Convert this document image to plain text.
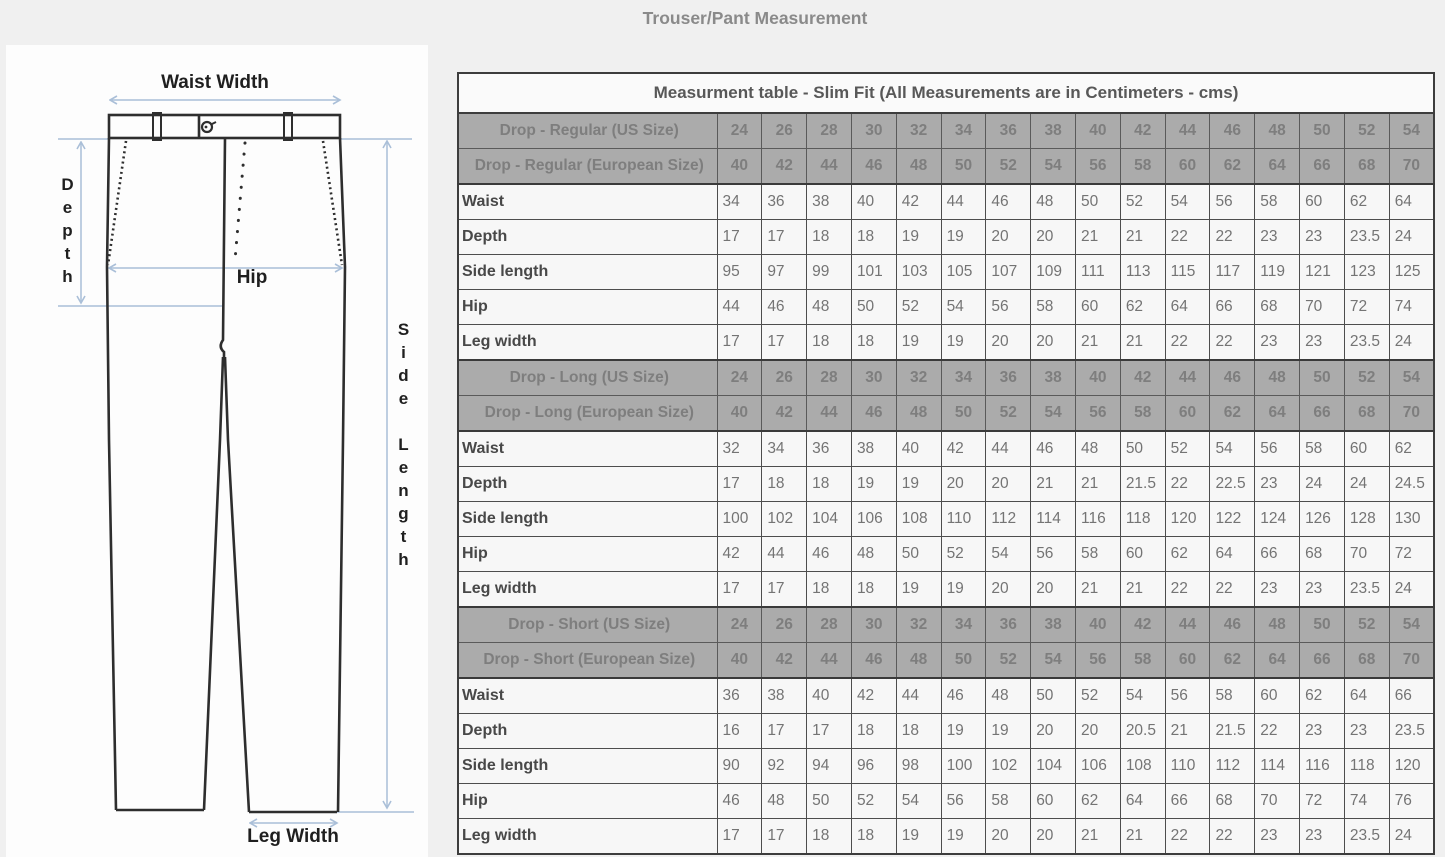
Trouser/Pant Measurement
Waist Width
Hip
Leg Width
Depth
Side Length
Measurment table - Slim Fit (All Measurements are in Centimeters - cms)																
Drop - Regular (US Size)	24	26	28	30	32	34	36	38	40	42	44	46	48	50	52	54
Drop - Regular (European Size)	40	42	44	46	48	50	52	54	56	58	60	62	64	66	68	70
Waist	34	36	38	40	42	44	46	48	50	52	54	56	58	60	62	64
Depth	17	17	18	18	19	19	20	20	21	21	22	22	23	23	23.5	24
Side length	95	97	99	101	103	105	107	109	111	113	115	117	119	121	123	125
Hip	44	46	48	50	52	54	56	58	60	62	64	66	68	70	72	74
Leg width	17	17	18	18	19	19	20	20	21	21	22	22	23	23	23.5	24
Drop - Long (US Size)	24	26	28	30	32	34	36	38	40	42	44	46	48	50	52	54
Drop - Long (European Size)	40	42	44	46	48	50	52	54	56	58	60	62	64	66	68	70
Waist	32	34	36	38	40	42	44	46	48	50	52	54	56	58	60	62
Depth	17	18	18	19	19	20	20	21	21	21.5	22	22.5	23	24	24	24.5
Side length	100	102	104	106	108	110	112	114	116	118	120	122	124	126	128	130
Hip	42	44	46	48	50	52	54	56	58	60	62	64	66	68	70	72
Leg width	17	17	18	18	19	19	20	20	21	21	22	22	23	23	23.5	24
Drop - Short (US Size)	24	26	28	30	32	34	36	38	40	42	44	46	48	50	52	54
Drop - Short (European Size)	40	42	44	46	48	50	52	54	56	58	60	62	64	66	68	70
Waist	36	38	40	42	44	46	48	50	52	54	56	58	60	62	64	66
Depth	16	17	17	18	18	19	19	20	20	20.5	21	21.5	22	23	23	23.5
Side length	90	92	94	96	98	100	102	104	106	108	110	112	114	116	118	120
Hip	46	48	50	52	54	56	58	60	62	64	66	68	70	72	74	76
Leg width	17	17	18	18	19	19	20	20	21	21	22	22	23	23	23.5	24
